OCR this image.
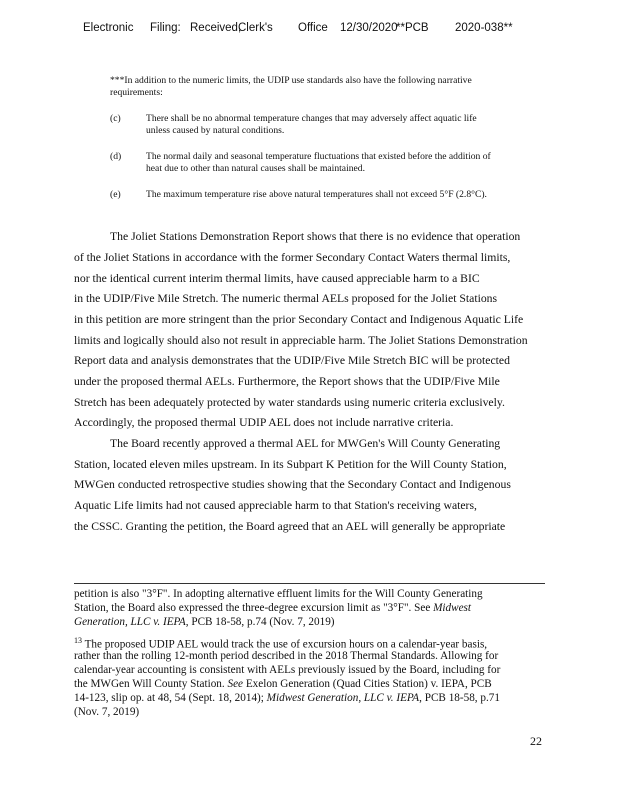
Electronic Filing: Received,
Clerk's Office 12/30/2020
**PCB 2020-038**
***In addition to the numeric limits, the UDIP use standards also have the following narrative
requirements:
(c)	There shall be no abnormal temperature changes that may adversely affect aquatic life
unless caused by natural conditions.
(d)	The normal daily and seasonal temperature fluctuations that existed before the addition of
heat due to other than natural causes shall be maintained.
(e)	The maximum temperature rise above natural temperatures shall not exceed 5°F (2.8°C).
The Joliet Stations Demonstration Report shows that there is no evidence that operation
of the Joliet Stations in accordance with the former Secondary Contact Waters thermal limits,
nor the identical current interim thermal limits, have caused appreciable harm to a BIC
in the UDIP/Five Mile Stretch. The numeric thermal AELs proposed for the Joliet Stations
in this petition are more stringent than the prior Secondary Contact and Indigenous Aquatic Life
limits and logically should also not result in appreciable harm. The Joliet Stations Demonstration
Report data and analysis demonstrates that the UDIP/Five Mile Stretch BIC will be protected
under the proposed thermal AELs. Furthermore, the Report shows that the UDIP/Five Mile
Stretch has been adequately protected by water standards using numeric criteria exclusively.
Accordingly, the proposed thermal UDIP AEL does not include narrative criteria.
The Board recently approved a thermal AEL for MWGen's Will County Generating
Station, located eleven miles upstream. In its Subpart K Petition for the Will County Station,
MWGen conducted retrospective studies showing that the Secondary Contact and Indigenous
Aquatic Life limits had not caused appreciable harm to that Station's receiving waters,
the CSSC. Granting the petition, the Board agreed that an AEL will generally be appropriate
petition is also "3°F". In adopting alternative effluent limits for the Will County Generating
Station, the Board also expressed the three-degree excursion limit as "3°F". See Midwest
Generation, LLC v. IEPA, PCB 18-58, p.74 (Nov. 7, 2019)
$^{13}$ The proposed UDIP AEL would track the use of excursion hours on a calendar-year basis,
rather than the rolling 12-month period described in the 2018 Thermal Standards. Allowing for
calendar-year accounting is consistent with AELs previously issued by the Board, including for
the MWGen Will County Station. See Exelon Generation (Quad Cities Station) v. IEPA, PCB
14-123, slip op. at 48, 54 (Sept. 18, 2014); Midwest Generation, LLC v. IEPA, PCB 18-58, p.71
(Nov. 7, 2019)
22
